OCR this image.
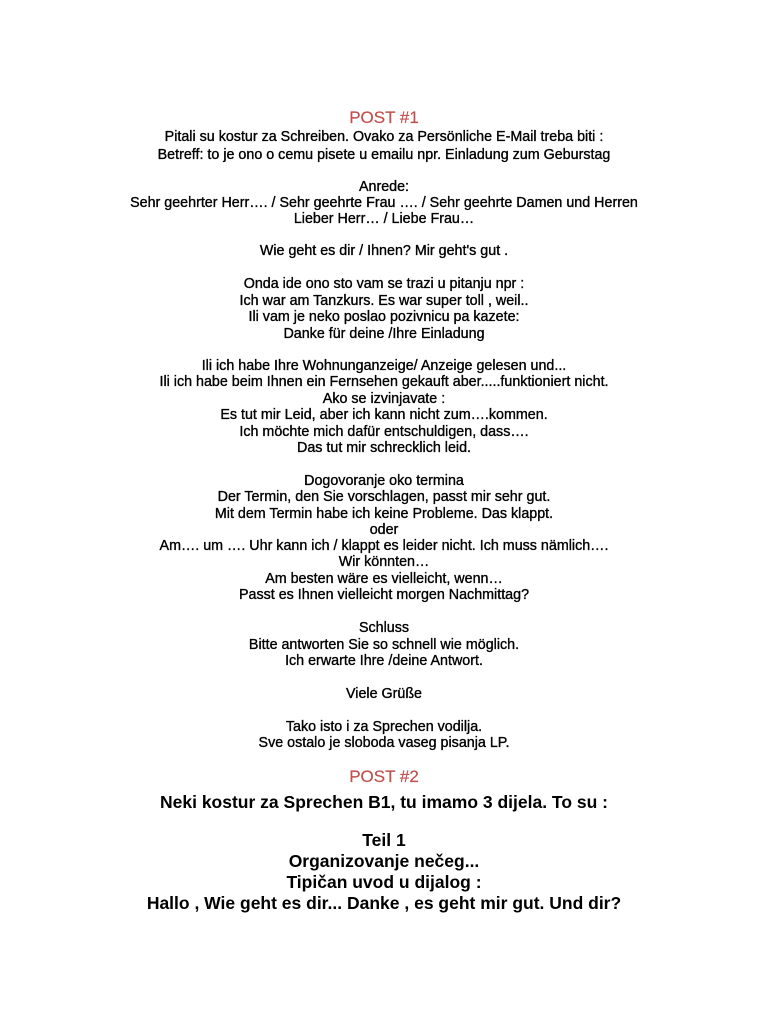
POST #1
Pitali su kostur za Schreiben. Ovako za Persönliche E-Mail treba biti :
Betreff: to je ono o cemu pisete u emailu npr. Einladung zum Geburstag
Anrede:
Sehr geehrter Herr…. / Sehr geehrte Frau …. / Sehr geehrte Damen und Herren
Lieber Herr… / Liebe Frau…
Wie geht es dir / Ihnen? Mir geht's gut .
Onda ide ono sto vam se trazi u pitanju npr :
Ich war am Tanzkurs. Es war super toll , weil..
Ili vam je neko poslao pozivnicu pa kazete:
Danke für deine /Ihre Einladung
Ili ich habe Ihre Wohnunganzeige/ Anzeige gelesen und...
Ili ich habe beim Ihnen ein Fernsehen gekauft aber.....funktioniert nicht.
Ako se izvinjavate :
Es tut mir Leid, aber ich kann nicht zum….kommen.
Ich möchte mich dafür entschuldigen, dass….
Das tut mir schrecklich leid.
Dogovoranje oko termina
Der Termin, den Sie vorschlagen, passt mir sehr gut.
Mit dem Termin habe ich keine Probleme. Das klappt.
oder
Am…. um …. Uhr kann ich / klappt es leider nicht. Ich muss nämlich….
Wir könnten…
Am besten wäre es vielleicht, wenn…
Passt es Ihnen vielleicht morgen Nachmittag?
Schluss
Bitte antworten Sie so schnell wie möglich.
Ich erwarte Ihre /deine Antwort.
Viele Grüße
Tako isto i za Sprechen vodilja.
Sve ostalo je sloboda vaseg pisanja LP.
POST #2
Neki kostur za Sprechen B1, tu imamo 3 dijela. To su :
Teil 1
Organizovanje nečeg...
Tipičan uvod u dijalog :
Hallo , Wie geht es dir... Danke , es geht mir gut. Und dir?
